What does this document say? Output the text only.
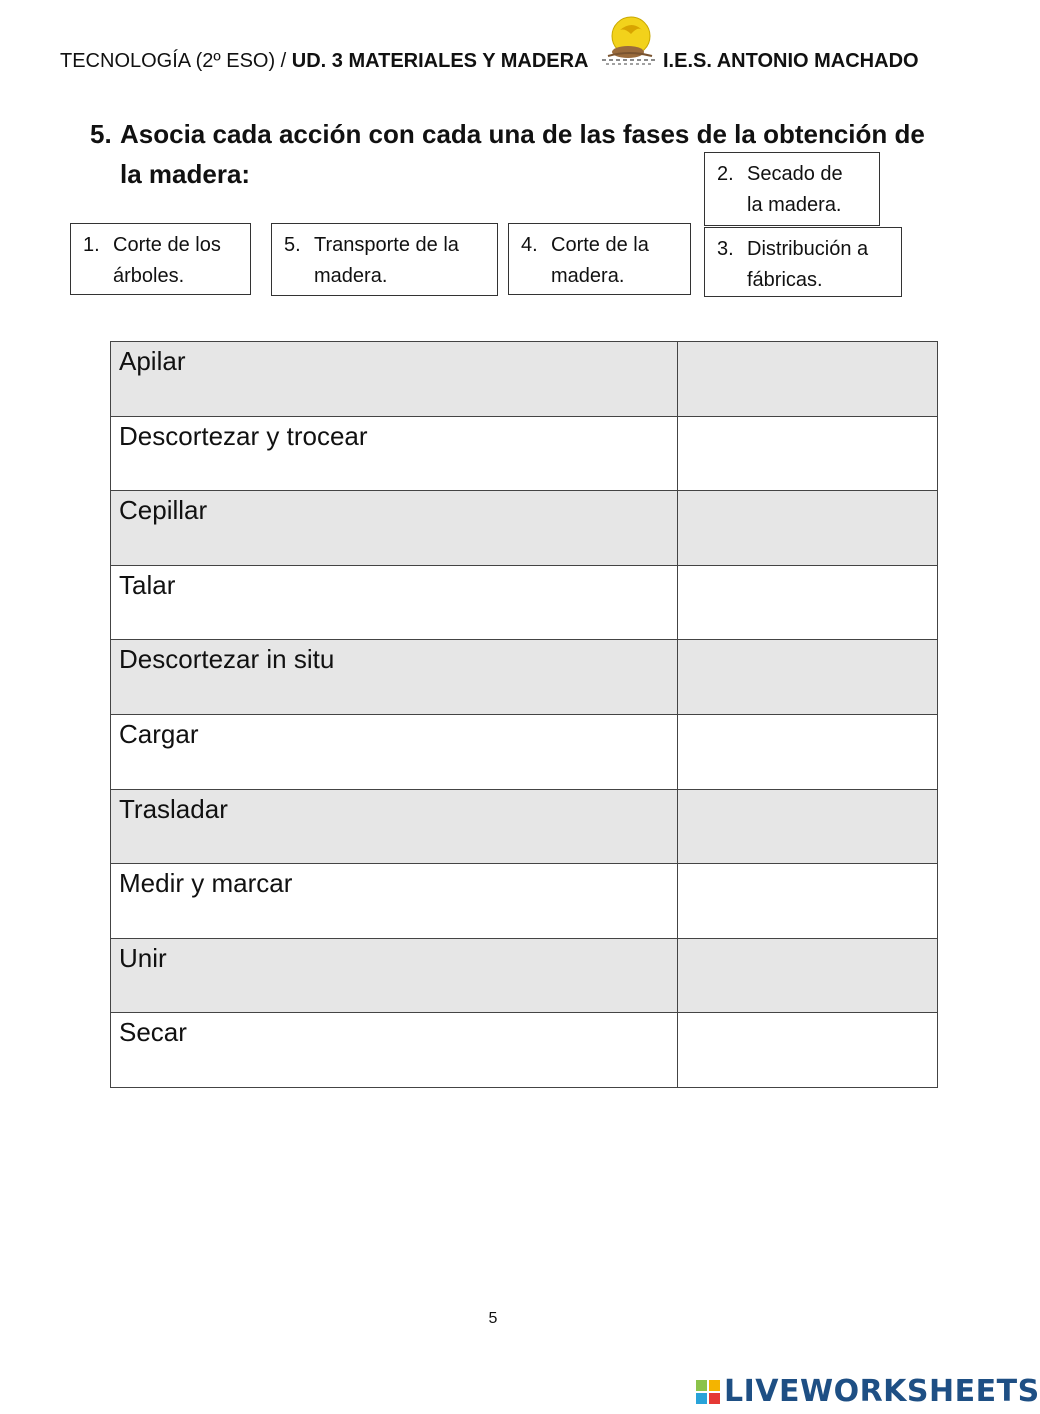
TECNOLOGÍA (2º ESO) / UD. 3 MATERIALES Y MADERA	I.E.S. ANTONIO MACHADO
5. Asocia cada acción con cada una de las fases de la obtención de
la madera:
1. Corte de los árboles.
5. Transporte de la madera.
4. Corte de la madera.
2. Secado de la madera.
3. Distribución a fábricas.
Apilar	
Descortezar y trocear	
Cepillar	
Talar	
Descortezar in situ	
Cargar	
Trasladar	
Medir y marcar	
Unir	
Secar	
5
LIVEWORKSHEETS
